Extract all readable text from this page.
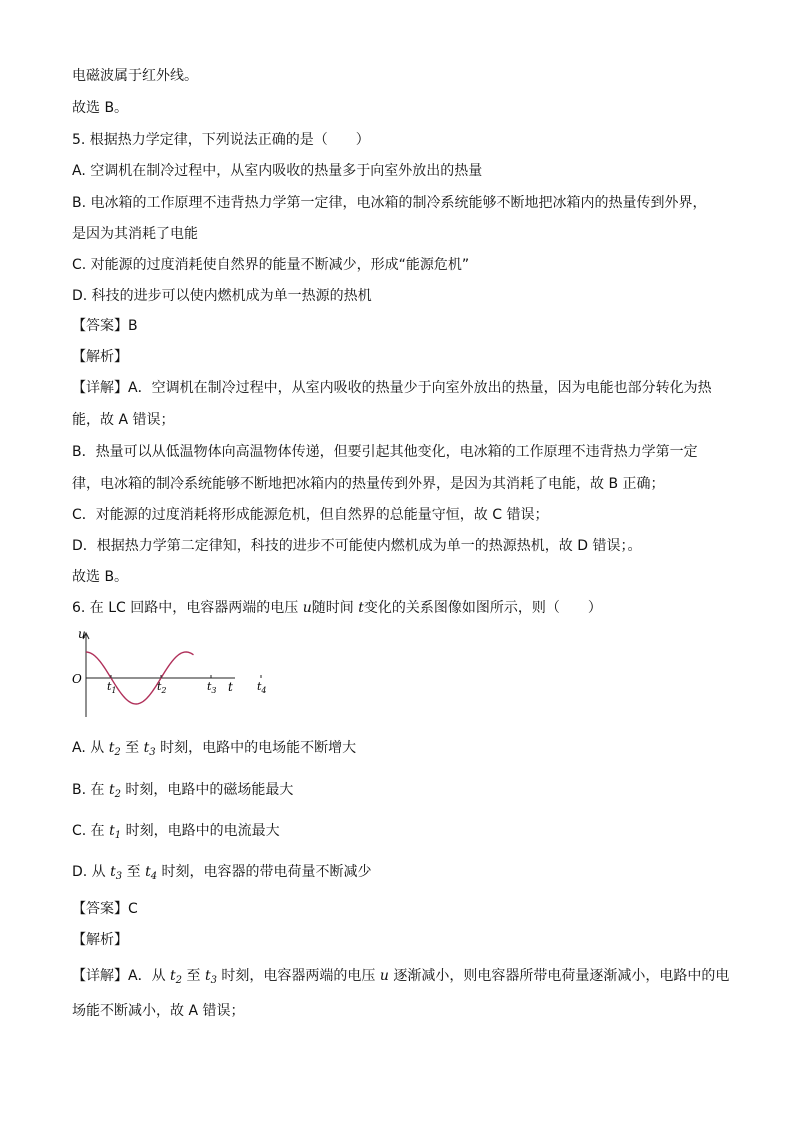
电磁波属于红外线。
故选 B。
5. 根据热力学定律，下列说法正确的是（　　）
A. 空调机在制冷过程中，从室内吸收的热量多于向室外放出的热量
B. 电冰箱的工作原理不违背热力学第一定律，电冰箱的制冷系统能够不断地把冰箱内的热量传到外界，
是因为其消耗了电能
C. 对能源的过度消耗使自然界的能量不断减少，形成“能源危机”
D. 科技的进步可以使内燃机成为单一热源的热机
【答案】B
【解析】
【详解】A．空调机在制冷过程中，从室内吸收的热量少于向室外放出的热量，因为电能也部分转化为热
能，故 A 错误；
B．热量可以从低温物体向高温物体传递，但要引起其他变化，电冰箱的工作原理不违背热力学第一定
律，电冰箱的制冷系统能够不断地把冰箱内的热量传到外界，是因为其消耗了电能，故 B 正确；
C．对能源的过度消耗将形成能源危机，但自然界的总能量守恒，故 C 错误；
D．根据热力学第二定律知，科技的进步不可能使内燃机成为单一的热源热机，故 D 错误；。
故选 B。
6. 在 LC 回路中，电容器两端的电压 u随时间 t变化的关系图像如图所示，则（　　）
u
t
O
$t_1$	$t_2$	$t_3$	$t_4$
A. 从 $t_2$ 至 $t_3$ 时刻，电路中的电场能不断增大
B. 在 $t_2$ 时刻，电路中的磁场能最大
C. 在 $t_1$ 时刻，电路中的电流最大
D. 从 $t_3$ 至 $t_4$ 时刻，电容器的带电荷量不断减少
【答案】C
【解析】
【详解】A．从 $t_2$ 至 $t_3$ 时刻，电容器两端的电压 u 逐渐减小，则电容器所带电荷量逐渐减小，电路中的电
场能不断减小，故 A 错误；
